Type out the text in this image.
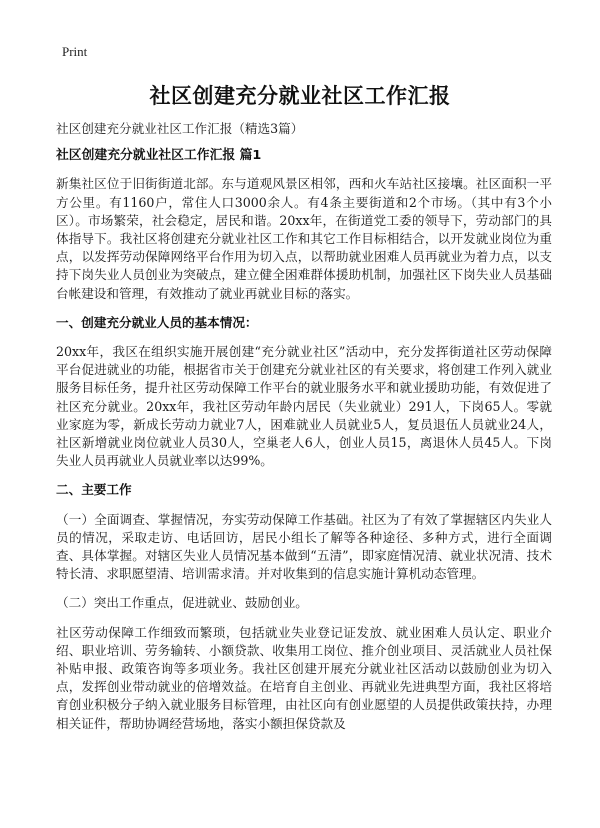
Print
社区创建充分就业社区工作汇报

社区创建充分就业社区工作汇报（精选3篇）

社区创建充分就业社区工作汇报 篇1

新集社区位于旧街街道北部。东与道观风景区相邻，西和火车站社区接壤。社区面积一平方公里。有1160户，常住人口3000余人。有4条主要街道和2个市场。（其中有3个小区）。市场繁荣，社会稳定，居民和谐。20xx年，在街道党工委的领导下，劳动部门的具体指导下。我社区将创建充分就业社区工作和其它工作目标相结合，以开发就业岗位为重点，以发挥劳动保障网络平台作用为切入点，以帮助就业困难人员再就业为着力点，以支持下岗失业人员创业为突破点，建立健全困难群体援助机制，加强社区下岗失业人员基础台帐建设和管理，有效推动了就业再就业目标的落实。

一、创建充分就业人员的基本情况：

20xx年，我区在组织实施开展创建“充分就业社区”活动中，充分发挥街道社区劳动保障平台促进就业的功能，根据省市关于创建充分就业社区的有关要求，将创建工作列入就业服务目标任务，提升社区劳动保障工作平台的就业服务水平和就业援助功能，有效促进了社区充分就业。20xx年，我社区劳动年龄内居民（失业就业）291人，下岗65人。零就业家庭为零，新成长劳动力就业7人，困难就业人员就业5人，复员退伍人员就业24人，社区新增就业岗位就业人员30人，空巢老人6人，创业人员15，离退休人员45人。下岗失业人员再就业人员就业率以达99%。

二、主要工作

（一）全面调查、掌握情况，夯实劳动保障工作基础。社区为了有效了掌握辖区内失业人员的情况，采取走访、电话回访，居民小组长了解等各种途径、多种方式，进行全面调查、具体掌握。对辖区失业人员情况基本做到“五清”，即家庭情况清、就业状况清、技术特长清、求职愿望清、培训需求清。并对收集到的信息实施计算机动态管理。

（二）突出工作重点，促进就业、鼓励创业。

社区劳动保障工作细致而繁琐，包括就业失业登记证发放、就业困难人员认定、职业介绍、职业培训、劳务输转、小额贷款、收集用工岗位、推介创业项目、灵活就业人员社保补贴申报、政策咨询等多项业务。我社区创建开展充分就业社区活动以鼓励创业为切入点，发挥创业带动就业的倍增效益。在培育自主创业、再就业先进典型方面，我社区将培育创业积极分子纳入就业服务目标管理，由社区向有创业愿望的人员提供政策扶持，办理相关证件，帮助协调经营场地，落实小额担保贷款及
